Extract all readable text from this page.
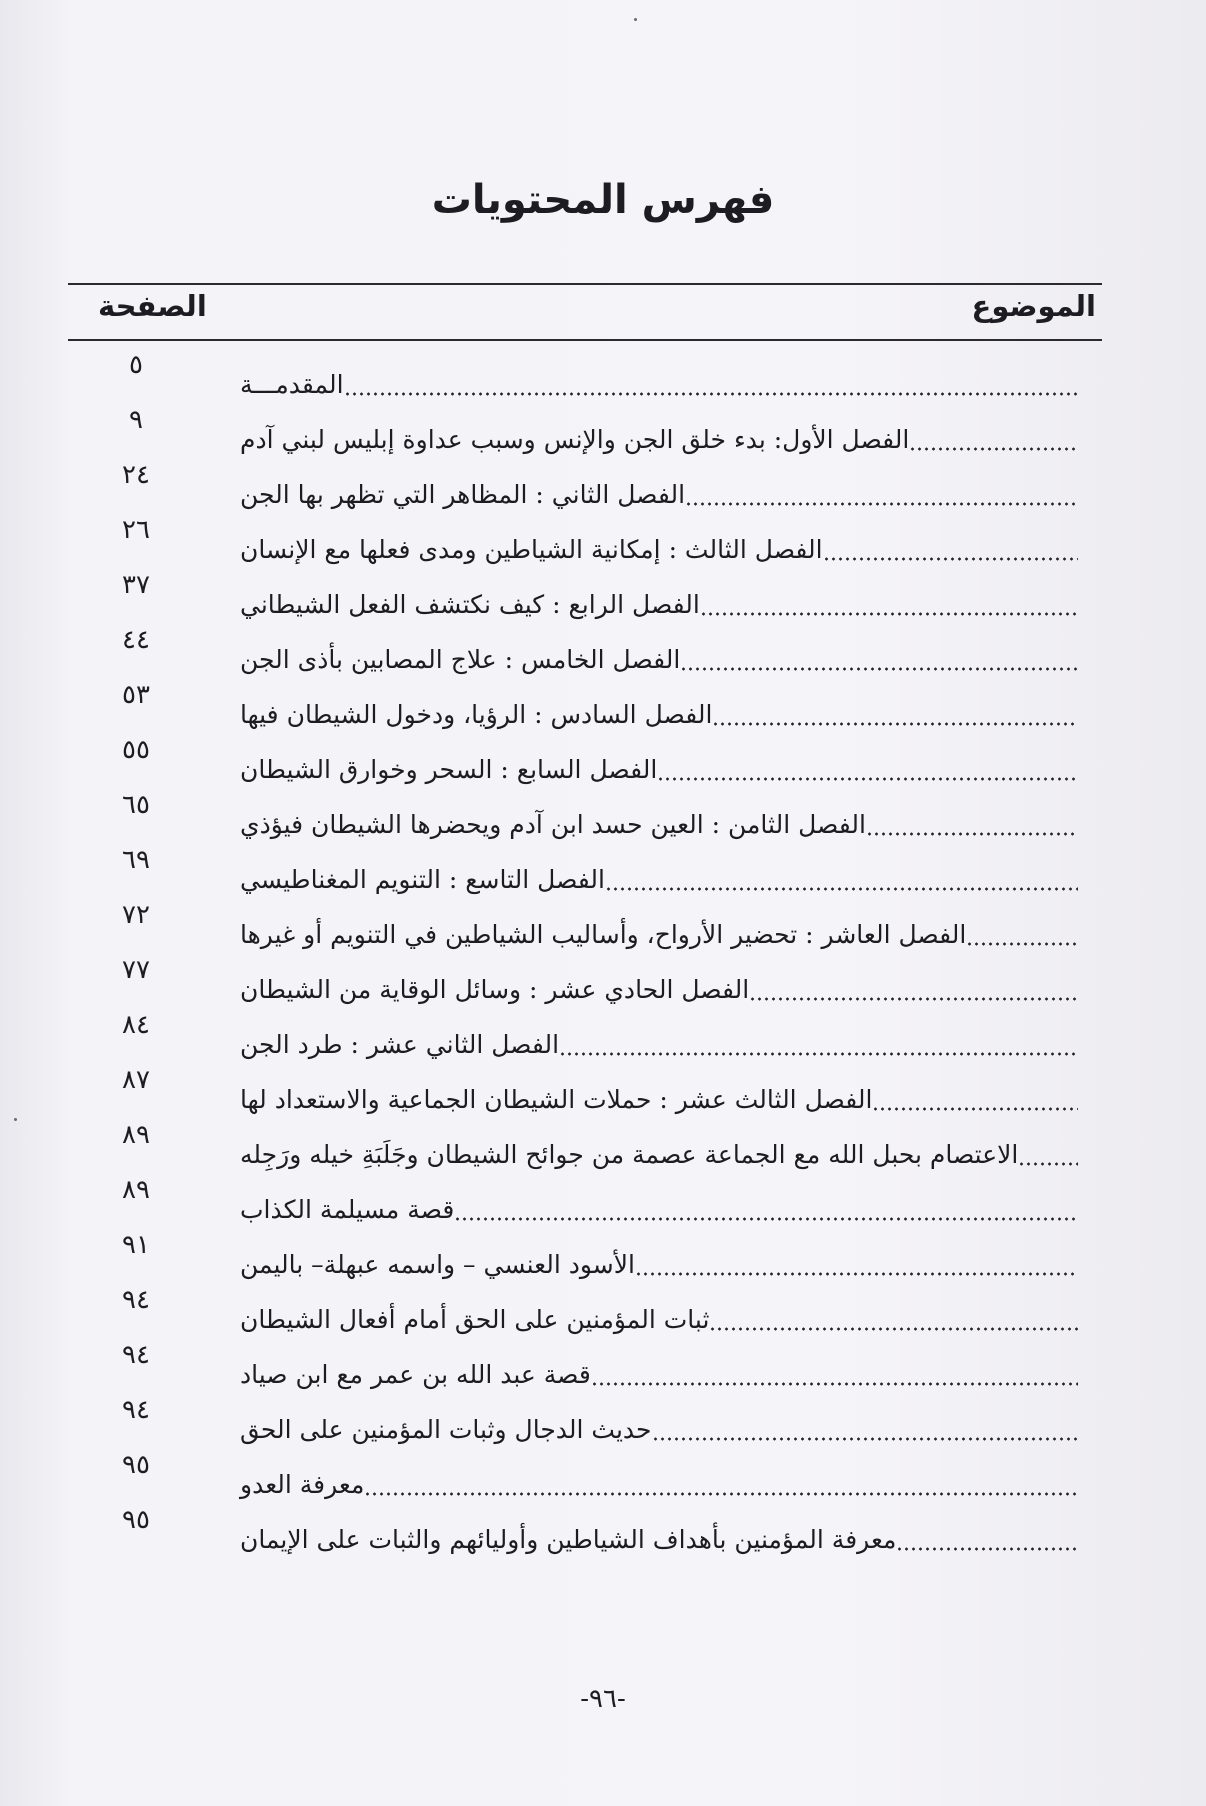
فهرس المحتويات
الموضوع
الصفحة
المقدمـــة
٥
الفصل الأول: بدء خلق الجن والإنس وسبب عداوة إبليس لبني آدم
٩
الفصل الثاني : المظاهر التي تظهر بها الجن
٢٤
الفصل الثالث : إمكانية الشياطين ومدى فعلها مع الإنسان
٢٦
الفصل الرابع : كيف نكتشف الفعل الشيطاني
٣٧
الفصل الخامس : علاج المصابين بأذى الجن
٤٤
الفصل السادس : الرؤيا، ودخول الشيطان فيها
٥٣
الفصل السابع : السحر وخوارق الشيطان
٥٥
الفصل الثامن : العين حسد ابن آدم ويحضرها الشيطان فيؤذي
٦٥
الفصل التاسع : التنويم المغناطيسي
٦٩
الفصل العاشر : تحضير الأرواح، وأساليب الشياطين في التنويم أو غيرها
٧٢
الفصل الحادي عشر : وسائل الوقاية من الشيطان
٧٧
الفصل الثاني عشر : طرد الجن
٨٤
الفصل الثالث عشر : حملات الشيطان الجماعية والاستعداد لها
٨٧
الاعتصام بحبل الله مع الجماعة عصمة من جوائح الشيطان وجَلَبَةِ خيله ورَجِله
٨٩
قصة مسيلمة الكذاب
٨٩
الأسود العنسي – واسمه عبهلة– باليمن
٩١
ثبات المؤمنين على الحق أمام أفعال الشيطان
٩٤
قصة عبد الله بن عمر مع ابن صياد
٩٤
حديث الدجال وثبات المؤمنين على الحق
٩٤
معرفة العدو
٩٥
معرفة المؤمنين بأهداف الشياطين وأوليائهم والثبات على الإيمان
٩٥
-٩٦-
